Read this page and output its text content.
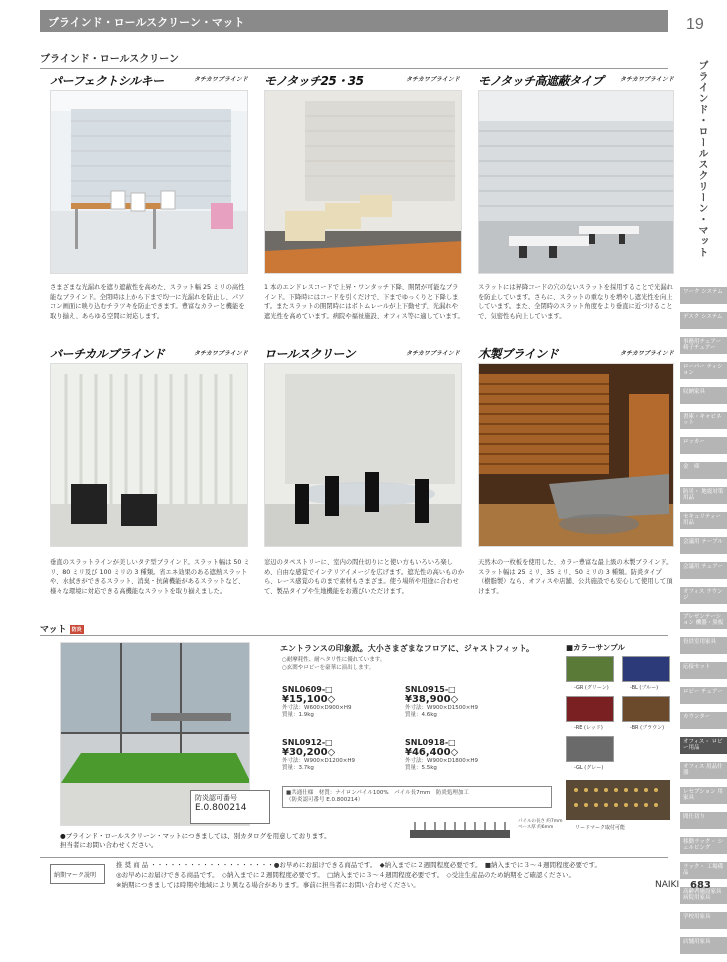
ブラインド・ロールスクリーン・マット	19
ブラインド・ロールスクリーン・マット
ブラインド・ロールスクリーン
パーフェクトシルキー	タチカワブラインド モノタッチ25・35	タチカワブラインド モノタッチ高遮蔽タイプ	タチカワブラインド
さまざまな光漏れを遮り遮蔽性を高めた、スラット幅 25 ミリの高性能なブラインド。全閉時は上から下まで均一に光漏れを防止し、パソコン画面に映り込むチラツキを防止できます。豊富なカラーと機能を取り揃え、あらゆる空間に対応します。
1 本のエンドレスコードで上昇・ワンタッチ下降、開閉が可能なブラインド。下降時にはコードを引くだけで、下までゆっくりと下降します。またスラットの開閉時にはボトムレールが上下動せず、光漏れや遮光性を高めています。病院や福祉施設、オフィス等に適しています。
スラットには昇降コードの穴のないスラットを採用することで光漏れを防止しています。さらに、スラットの重なりを増やし遮光性を向上しています。また、全閉時のスラット角度をより垂直に近づけることで、気密性も向上しています。
バーチカルブラインド	タチカワブラインド ロールスクリーン	タチカワブラインド 木製ブラインド	タチカワブラインド
垂直のスラットラインが美しいタテ型ブラインド。スラット幅は 50 ミリ、80 ミリ及び 100 ミリの 3 種類。省エネ効果のある遮熱スラットや、水拭きができるスラット、消臭・抗菌機能があるスラットなど、様々な環境に対応できる高機能なスラットを取り揃えました。
窓辺のタペストリーに、室内の間仕切りにと使い方もいろいろ楽しめ、自由な感覚でインテリアイメージを広げます。遮光性の高いものから、レース感覚のものまで素材もさまざま。使う場所や用途に合わせて、製品タイプや生地機能をお選びいただけます。
天然木の一枚板を使用した、カラー豊富な最上級の木製ブラインド。スラット幅は 25 ミリ、35 ミリ、50 ミリの 3 種類。防炎タイプ（樹脂製）なら、オフィスや店舗、公共施設でも安心して使用して頂けます。
マット 防炎
防炎認可番号
E.0.800214
エントランスの印象派。大小さまざまなフロアに、ジャストフィット。
○耐摩耗性、耐ヘタリ性に優れています。
○玄関やロビーを豪華に演出します。
SNL0609-□
¥15,100◇
外寸法：W600×D900×H9
質量：1.9kg
SNL0915-□
¥38,900◇
外寸法：W900×D1500×H9
質量：4.6kg
SNL0912-□
¥30,200◇
外寸法：W900×D1200×H9
質量：3.7kg
SNL0918-□
¥46,400◇
外寸法：W900×D1800×H9
質量：5.5kg
■共通仕様　材質：ナイロンパイル100%　パイル長7mm　防炎処理加工
（防炎認可番号 E.0.800214）
パイルの長さ 約7mm
ベース厚 約6mm
■カラーサンプル
-GR (グリーン)	-BL (ブルー)
-RE (レッド)	-BR (ブラウン)
-GL (グレー)
リードマーク取付可能
●ブラインド・ロールスクリーン・マットにつきましては、別カタログを用意しております。
担当者にお問い合わせください。
ワーク システム
デスク システム
事務用チェアー 椅子チェアー
ローパー ティション
収納家具
書庫・キャビネット
ロッカー
金　庫
防災・ 地震対策用品
セキュリティー 用品
会議用 テーブル
会議用 チェアー
オフィス ラウンジ
プレゼンテーション 機器・黒板
役員室用家具
応接セット
ロビー チェアー
カウンター
オフィス・ ロビー用品
オフィス 用品什器
レセプション 用家具
間仕切り
移動ラック・ シェルビング
ラック・ 工場備品
高齢者施設家具 病院用家具
学校用家具
店舗用家具
納期マーク説明
推 奨 商 品 ・・・・・・・・・・・・・・・・・・・●お早めにお届けできる商品です。　◆納入までに２週間程度必要です。　■納入までに３～４週間程度必要です。
◎お早めにお届けできる商品です。　◇納入までに２週間程度必要です。　□納入までに３～４週間程度必要です。　◇受注生産品のため納期をご確認ください。
※納期につきましては時期や地域により異なる場合があります。事前に担当者にお問い合わせください。	NAIKI 683
